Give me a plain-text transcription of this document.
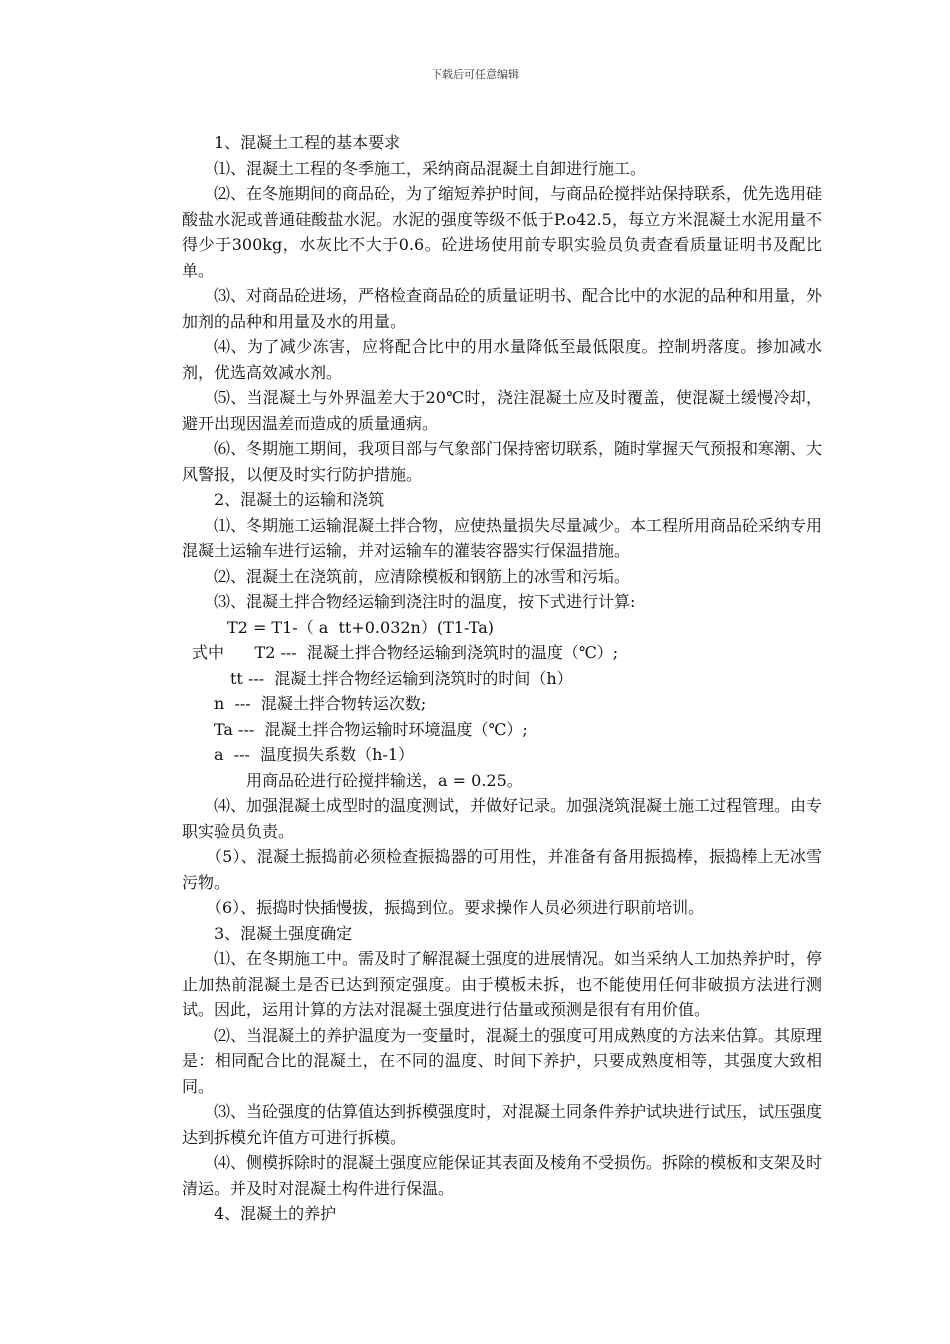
下载后可任意编辑

1、混凝土工程的基本要求

⑴、混凝土工程的冬季施工，采纳商品混凝土自卸进行施工。

⑵、在冬施期间的商品砼，为了缩短养护时间，与商品砼搅拌站保持联系，优先选用硅酸盐水泥或普通硅酸盐水泥。水泥的强度等级不低于P.o42.5，每立方米混凝土水泥用量不得少于300kg，水灰比不大于0.6。砼进场使用前专职实验员负责查看质量证明书及配比单。

⑶、对商品砼进场，严格检查商品砼的质量证明书、配合比中的水泥的品种和用量，外加剂的品种和用量及水的用量。

⑷、为了减少冻害，应将配合比中的用水量降低至最低限度。控制坍落度。掺加减水剂，优选高效减水剂。

⑸、当混凝土与外界温差大于20℃时，浇注混凝土应及时覆盖，使混凝土缓慢冷却，避开出现因温差而造成的质量通病。

⑹、冬期施工期间，我项目部与气象部门保持密切联系，随时掌握天气预报和寒潮、大风警报，以便及时实行防护措施。

2、混凝土的运输和浇筑

⑴、冬期施工运输混凝土拌合物，应使热量损失尽量减少。本工程所用商品砼采纳专用混凝土运输车进行运输，并对运输车的灌装容器实行保温措施。

⑵、混凝土在浇筑前，应清除模板和钢筋上的冰雪和污垢。

⑶、混凝土拌合物经运输到浇注时的温度，按下式进行计算:

T2 = T1-（ a  tt+0.032n）(T1-Ta)

式中      T2 ---  混凝土拌合物经运输到浇筑时的温度（℃）;

tt ---  混凝土拌合物经运输到浇筑时的时间（h）

n  ---  混凝土拌合物转运次数;

Ta ---  混凝土拌合物运输时环境温度（℃）;

a  ---  温度损失系数（h-1）

用商品砼进行砼搅拌输送，a = 0.25。

⑷、加强混凝土成型时的温度测试，并做好记录。加强浇筑混凝土施工过程管理。由专职实验员负责。

（5）、混凝土振捣前必须检查振捣器的可用性，并准备有备用振捣棒，振捣棒上无冰雪污物。

（6）、振捣时快插慢拔，振捣到位。要求操作人员必须进行职前培训。

3、混凝土强度确定

⑴、在冬期施工中。需及时了解混凝土强度的进展情况。如当采纳人工加热养护时，停止加热前混凝土是否已达到预定强度。由于模板未拆，也不能使用任何非破损方法进行测试。因此，运用计算的方法对混凝土强度进行估量或预测是很有有用价值。

⑵、当混凝土的养护温度为一变量时，混凝土的强度可用成熟度的方法来估算。其原理是：相同配合比的混凝土，在不同的温度、时间下养护，只要成熟度相等，其强度大致相同。

⑶、当砼强度的估算值达到拆模强度时，对混凝土同条件养护试块进行试压，试压强度达到拆模允许值方可进行拆模。

⑷、侧模拆除时的混凝土强度应能保证其表面及棱角不受损伤。拆除的模板和支架及时清运。并及时对混凝土构件进行保温。

4、混凝土的养护
